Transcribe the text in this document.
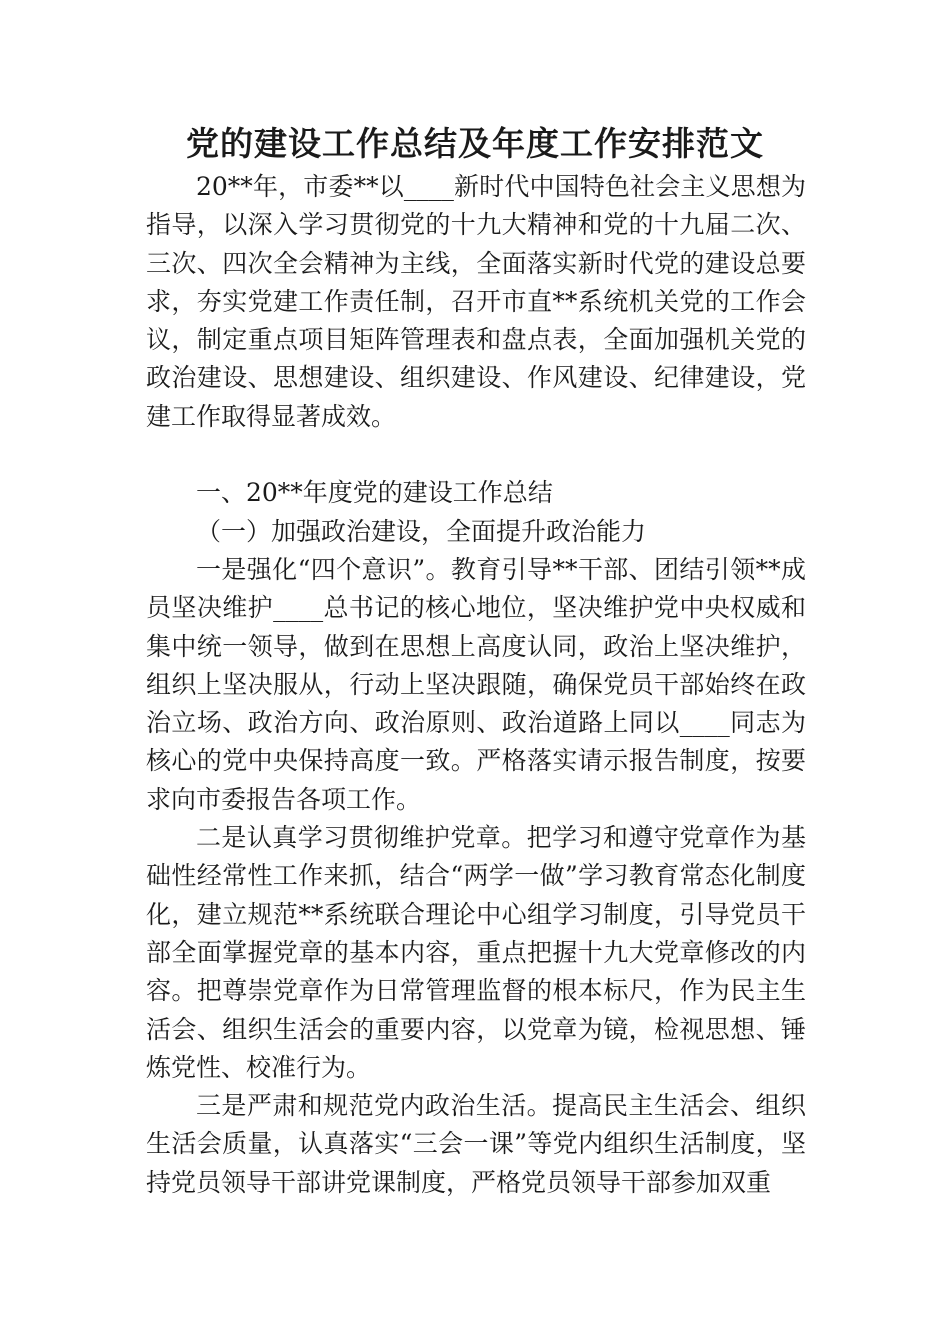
党的建设工作总结及年度工作安排范文

20**年，市委**以____新时代中国特色社会主义思想为指导，以深入学习贯彻党的十九大精神和党的十九届二次、三次、四次全会精神为主线，全面落实新时代党的建设总要求，夯实党建工作责任制，召开市直**系统机关党的工作会议，制定重点项目矩阵管理表和盘点表，全面加强机关党的政治建设、思想建设、组织建设、作风建设、纪律建设，党建工作取得显著成效。

一、20**年度党的建设工作总结

（一）加强政治建设，全面提升政治能力

一是强化“四个意识”。教育引导**干部、团结引领**成员坚决维护____总书记的核心地位，坚决维护党中央权威和集中统一领导，做到在思想上高度认同，政治上坚决维护，组织上坚决服从，行动上坚决跟随，确保党员干部始终在政治立场、政治方向、政治原则、政治道路上同以____同志为核心的党中央保持高度一致。严格落实请示报告制度，按要求向市委报告各项工作。

二是认真学习贯彻维护党章。把学习和遵守党章作为基础性经常性工作来抓，结合“两学一做”学习教育常态化制度化，建立规范**系统联合理论中心组学习制度，引导党员干部全面掌握党章的基本内容，重点把握十九大党章修改的内容。把尊崇党章作为日常管理监督的根本标尺，作为民主生活会、组织生活会的重要内容，以党章为镜，检视思想、锤炼党性、校准行为。

三是严肃和规范党内政治生活。提高民主生活会、组织生活会质量，认真落实“三会一课”等党内组织生活制度，坚持党员领导干部讲党课制度，严格党员领导干部参加双重
